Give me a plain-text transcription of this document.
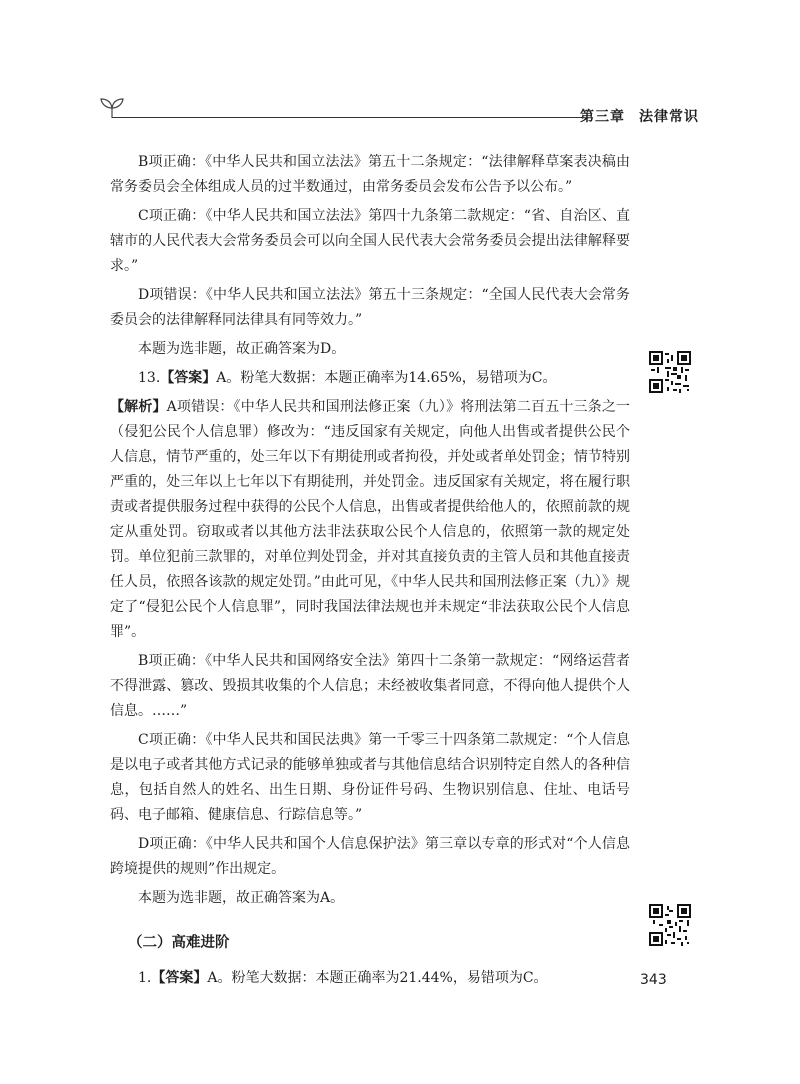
第三章 法律常识

B项正确：《中华人民共和国立法法》第五十二条规定：“法律解释草案表决稿由常务委员会全体组成人员的过半数通过，由常务委员会发布公告予以公布。”

C项正确：《中华人民共和国立法法》第四十九条第二款规定：“省、自治区、直辖市的人民代表大会常务委员会可以向全国人民代表大会常务委员会提出法律解释要求。”

D项错误：《中华人民共和国立法法》第五十三条规定：“全国人民代表大会常务委员会的法律解释同法律具有同等效力。”

本题为选非题，故正确答案为D。

13.【答案】A。粉笔大数据：本题正确率为14.65%，易错项为C。

【解析】A项错误：《中华人民共和国刑法修正案（九）》将刑法第二百五十三条之一（侵犯公民个人信息罪）修改为：“违反国家有关规定，向他人出售或者提供公民个人信息，情节严重的，处三年以下有期徒刑或者拘役，并处或者单处罚金；情节特别严重的，处三年以上七年以下有期徒刑，并处罚金。违反国家有关规定，将在履行职责或者提供服务过程中获得的公民个人信息，出售或者提供给他人的，依照前款的规定从重处罚。窃取或者以其他方法非法获取公民个人信息的，依照第一款的规定处罚。单位犯前三款罪的，对单位判处罚金，并对其直接负责的主管人员和其他直接责任人员，依照各该款的规定处罚。”由此可见，《中华人民共和国刑法修正案（九）》规定了“侵犯公民个人信息罪”，同时我国法律法规也并未规定“非法获取公民个人信息罪”。

B项正确：《中华人民共和国网络安全法》第四十二条第一款规定：“网络运营者不得泄露、篡改、毁损其收集的个人信息；未经被收集者同意，不得向他人提供个人信息。……”

C项正确：《中华人民共和国民法典》第一千零三十四条第二款规定：“个人信息是以电子或者其他方式记录的能够单独或者与其他信息结合识别特定自然人的各种信息，包括自然人的姓名、出生日期、身份证件号码、生物识别信息、住址、电话号码、电子邮箱、健康信息、行踪信息等。”

D项正确：《中华人民共和国个人信息保护法》第三章以专章的形式对“个人信息跨境提供的规则”作出规定。

本题为选非题，故正确答案为A。

（二）高难进阶

1.【答案】A。粉笔大数据：本题正确率为21.44%，易错项为C。	343
